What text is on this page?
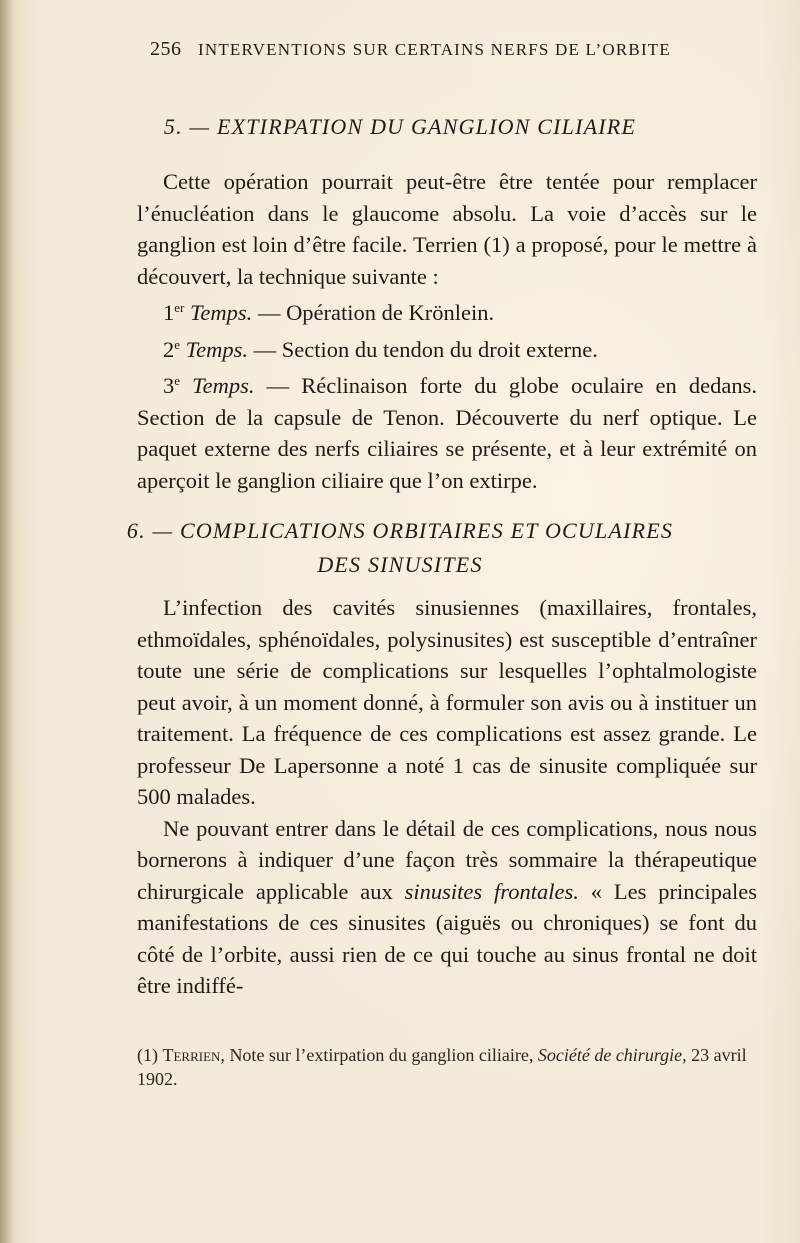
256 INTERVENTIONS SUR CERTAINS NERFS DE L’ORBITE
5. — EXTIRPATION DU GANGLION CILIAIRE

Cette opération pourrait peut-être être tentée pour remplacer l’énucléation dans le glaucome absolu. La voie d’accès sur le ganglion est loin d’être facile. Terrien (1) a proposé, pour le mettre à découvert, la technique suivante :

1er Temps. — Opération de Krönlein.
2e Temps. — Section du tendon du droit externe.

3e Temps. — Réclinaison forte du globe oculaire en dedans. Section de la capsule de Tenon. Découverte du nerf optique. Le paquet externe des nerfs ciliaires se présente, et à leur extrémité on aperçoit le ganglion ciliaire que l’on extirpe.

6. — COMPLICATIONS ORBITAIRES ET OCULAIRES
DES SINUSITES

L’infection des cavités sinusiennes (maxillaires, frontales, ethmoïdales, sphénoïdales, polysinusites) est susceptible d’entraîner toute une série de complications sur lesquelles l’ophtalmologiste peut avoir, à un moment donné, à formuler son avis ou à instituer un traitement. La fréquence de ces complications est assez grande. Le professeur De Lapersonne a noté 1 cas de sinusite compliquée sur 500 malades.

Ne pouvant entrer dans le détail de ces complications, nous nous bornerons à indiquer d’une façon très sommaire la thérapeutique chirurgicale applicable aux sinusites frontales. « Les principales manifestations de ces sinusites (aiguës ou chroniques) se font du côté de l’orbite, aussi rien de ce qui touche au sinus frontal ne doit être indiffé-

(1) Terrien, Note sur l’extirpation du ganglion ciliaire, Société de chirurgie, 23 avril 1902.
